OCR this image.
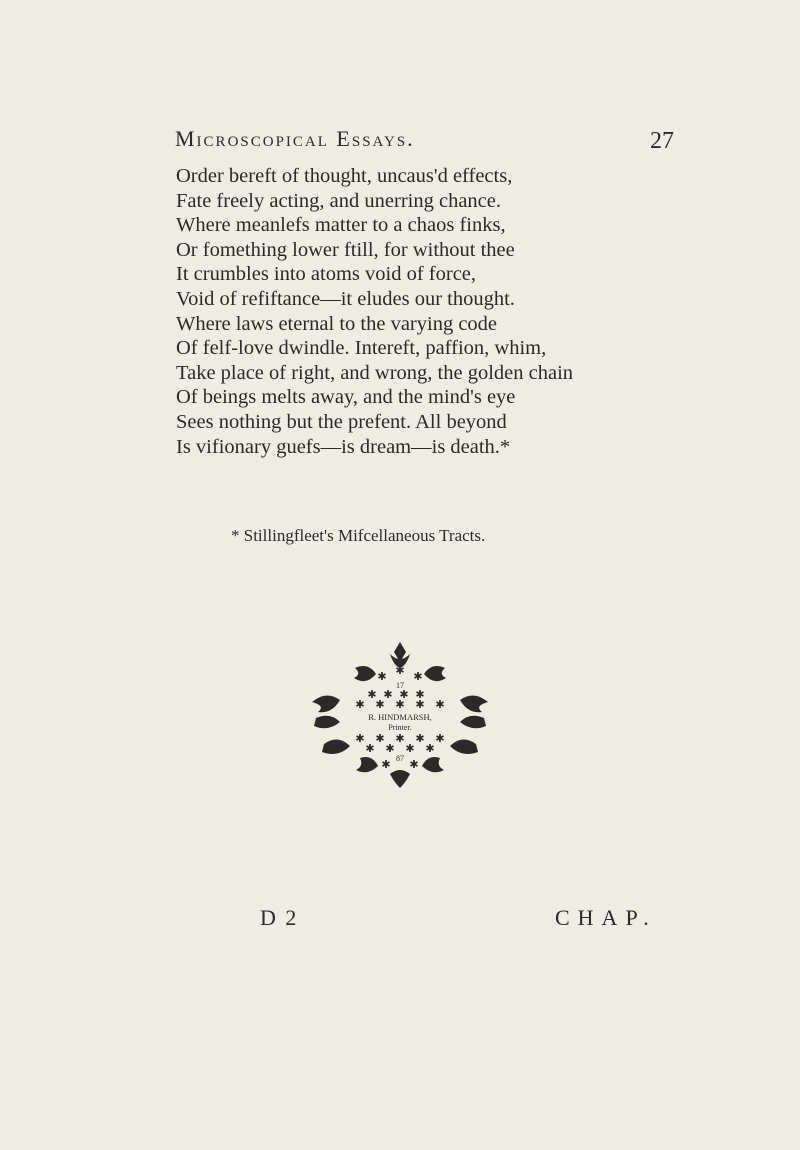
Microscopical Essays.	27
Order bereft of thought, uncaus'd effects,
Fate freely acting, and unerring chance.
Where meanlefs matter to a chaos finks,
Or fomething lower ftill, for without thee
It crumbles into atoms void of force,
Void of refiftance—it eludes our thought.
Where laws eternal to the varying code
Of felf-love dwindle. Intereft, paffion, whim,
Take place of right, and wrong, the golden chain
Of beings melts away, and the mind's eye
Sees nothing but the prefent. All beyond
Is vifionary guefs—is dream—is death.*
* Stillingfleet's Mifcellaneous Tracts.
✱
✱ ✱
✱ ✱ ✱ ✱
✱ ✱ ✱ ✱ ✱
✱ ✱ ✱ ✱ ✱
✱ ✱ ✱ ✱
✱ ✱
✱
17
R. HINDMARSH,
Printer.
87
D 2	CHAP.
